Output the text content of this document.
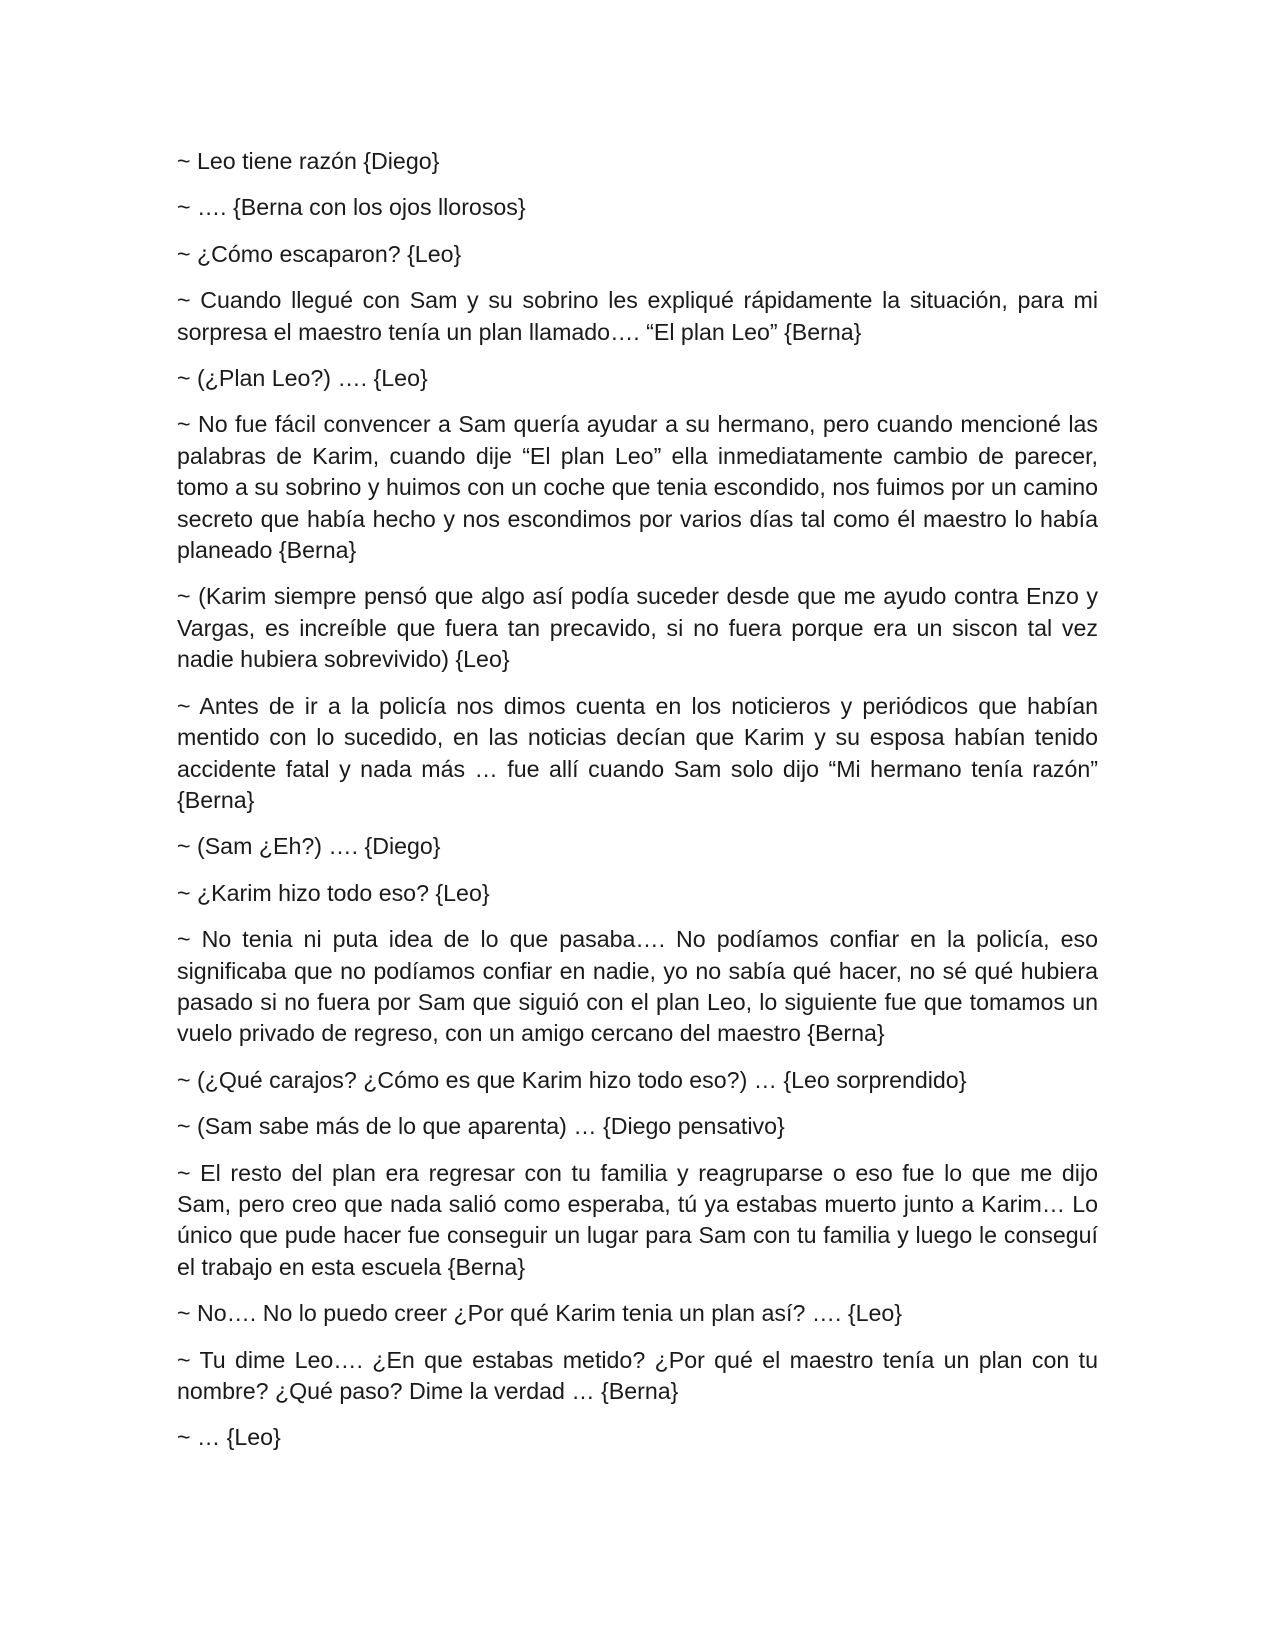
~ Leo tiene razón {Diego}

~ …. {Berna con los ojos llorosos}

~ ¿Cómo escaparon? {Leo}

~ Cuando llegué con Sam y su sobrino les expliqué rápidamente la situación, para mi sorpresa el maestro tenía un plan llamado…. “El plan Leo” {Berna}

~ (¿Plan Leo?) …. {Leo}

~ No fue fácil convencer a Sam quería ayudar a su hermano, pero cuando mencioné las palabras de Karim, cuando dije “El plan Leo” ella inmediatamente cambio de parecer, tomo a su sobrino y huimos con un coche que tenia escondido, nos fuimos por un camino secreto que había hecho y nos escondimos por varios días tal como él maestro lo había planeado {Berna}

~ (Karim siempre pensó que algo así podía suceder desde que me ayudo contra Enzo y Vargas, es increíble que fuera tan precavido, si no fuera porque era un siscon tal vez nadie hubiera sobrevivido) {Leo}

~ Antes de ir a la policía nos dimos cuenta en los noticieros y periódicos que habían mentido con lo sucedido, en las noticias decían que Karim y su esposa habían tenido accidente fatal y nada más … fue allí cuando Sam solo dijo “Mi hermano tenía razón” {Berna}

~ (Sam ¿Eh?) …. {Diego}

~ ¿Karim hizo todo eso? {Leo}

~ No tenia ni puta idea de lo que pasaba…. No podíamos confiar en la policía, eso significaba que no podíamos confiar en nadie, yo no sabía qué hacer, no sé qué hubiera pasado si no fuera por Sam que siguió con el plan Leo, lo siguiente fue que tomamos un vuelo privado de regreso, con un amigo cercano del maestro {Berna}

~ (¿Qué carajos? ¿Cómo es que Karim hizo todo eso?) … {Leo sorprendido}

~ (Sam sabe más de lo que aparenta) … {Diego pensativo}

~ El resto del plan era regresar con tu familia y reagruparse o eso fue lo que me dijo Sam, pero creo que nada salió como esperaba, tú ya estabas muerto junto a Karim… Lo único que pude hacer fue conseguir un lugar para Sam con tu familia y luego le conseguí el trabajo en esta escuela {Berna}

~ No…. No lo puedo creer ¿Por qué Karim tenia un plan así? …. {Leo}

~ Tu dime Leo…. ¿En que estabas metido? ¿Por qué el maestro tenía un plan con tu nombre? ¿Qué paso? Dime la verdad … {Berna}

~ … {Leo}
